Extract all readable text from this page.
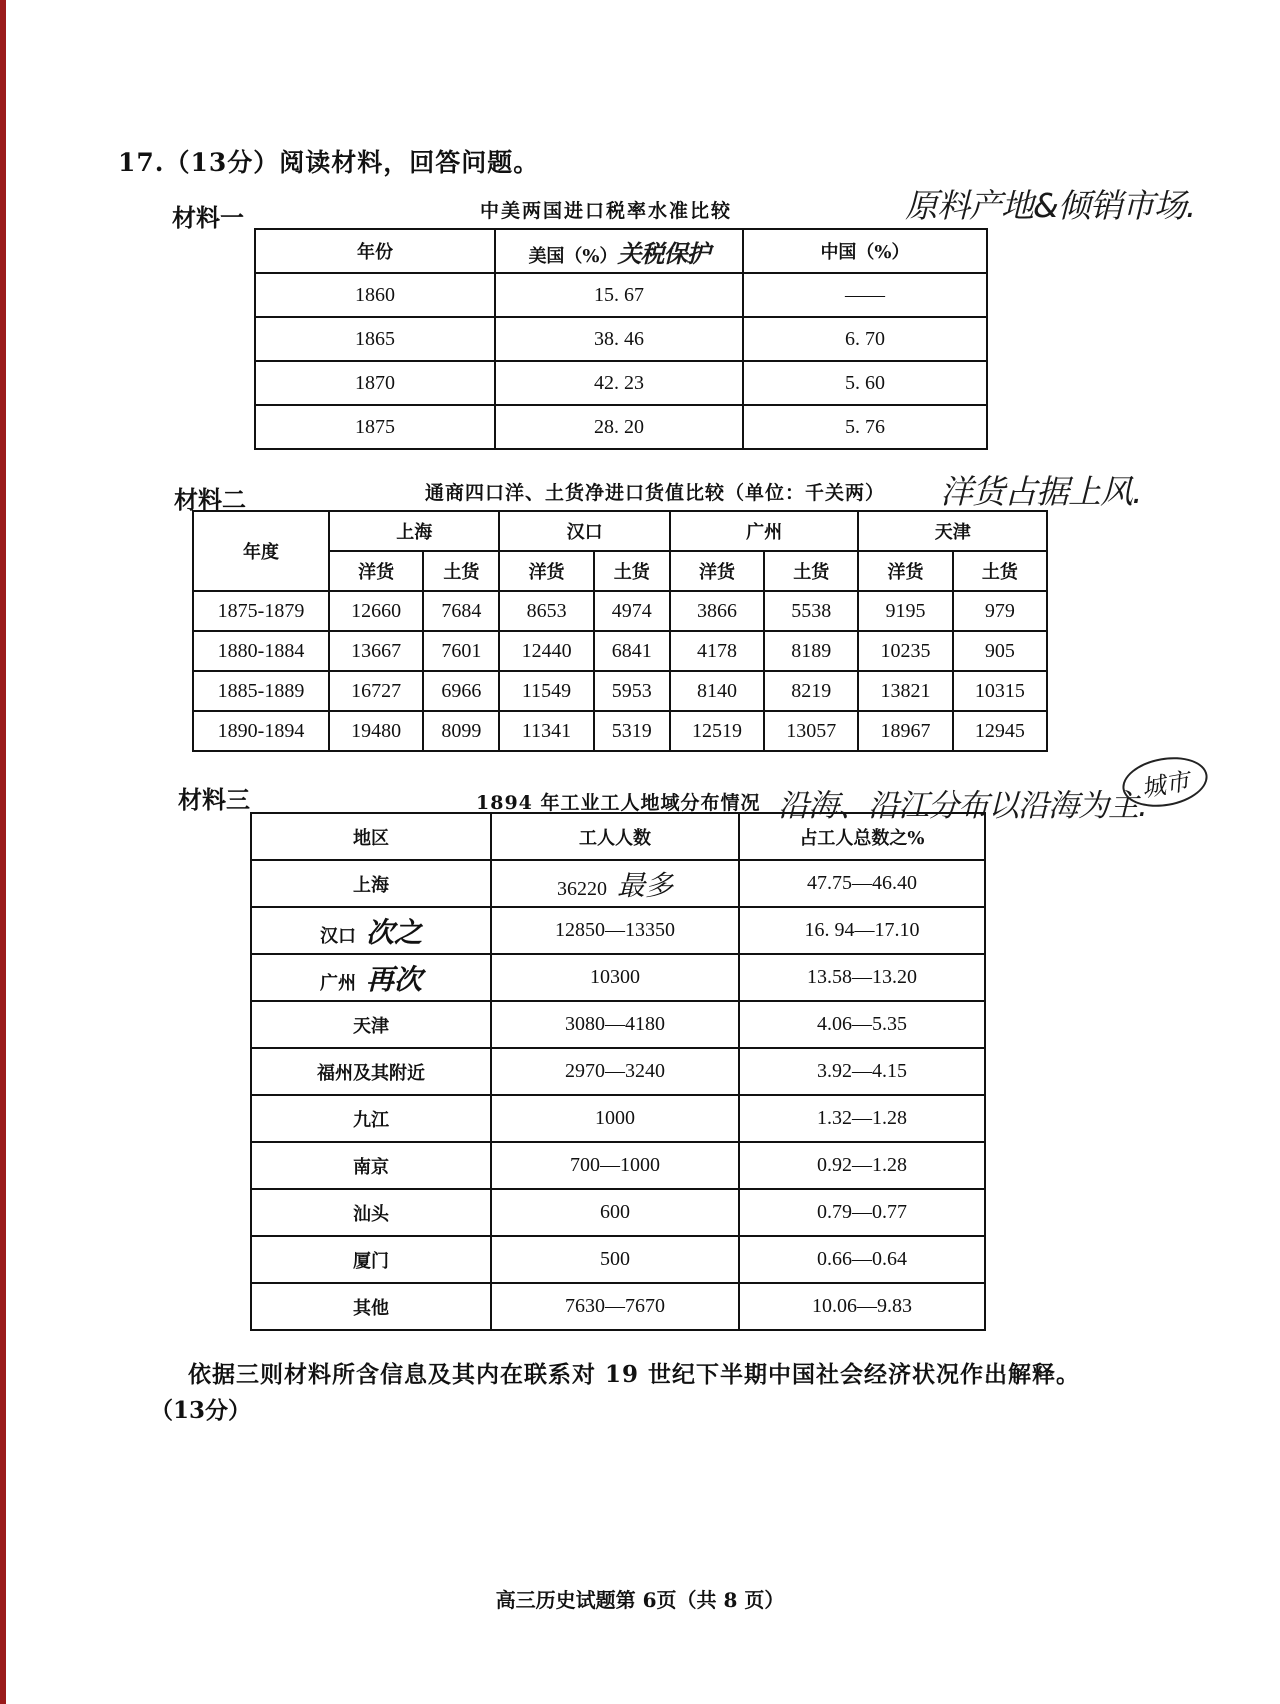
17.（13分）阅读材料，回答问题。
材料一	中美两国进口税率水准比较	原料产地&倾销市场.
年份	美国（%）关税保护	中国（%）
1860	15. 67	——
1865	38. 46	6. 70
1870	42. 23	5. 60
1875	28. 20	5. 76
材料二	通商四口洋、土货净进口货值比较（单位：千关两） 洋货占据上风.
年度	上海		汉口		广州		天津	
	洋货	土货	洋货	土货	洋货	土货	洋货	土货
1875-1879	12660	7684	8653	4974	3866	5538	9195	979
1880-1884	13667	7601	12440	6841	4178	8189	10235	905
1885-1889	16727	6966	11549	5953	8140	8219	13821	10315
1890-1894	19480	8099	11341	5319	12519	13057	18967	12945
材料三	1894 年工业工人地域分布情况 沿海、沿江分布以沿海为主.
城市
地区	工人人数	占工人总数之%
上海	36220 最多	47.75—46.40
汉口 次之	12850—13350	16. 94—17.10
广州 再次	10300	13.58—13.20
天津	3080—4180	4.06—5.35
福州及其附近	2970—3240	3.92—4.15
九江	1000	1.32—1.28
南京	700—1000	0.92—1.28
汕头	600	0.79—0.77
厦门	500	0.66—0.64
其他	7630—7670	10.06—9.83
依据三则材料所含信息及其内在联系对 19 世纪下半期中国社会经济状况作出解释。
（13分）
高三历史试题第 6页（共 8 页）
